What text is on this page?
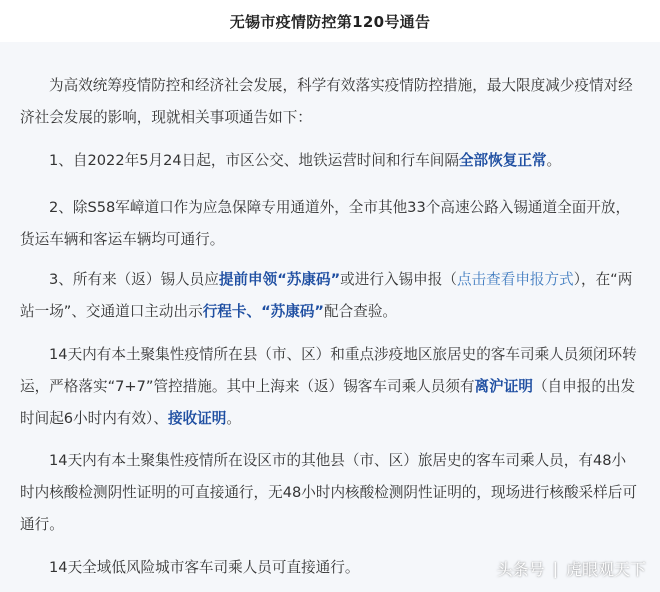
无锡市疫情防控第120号通告

为高效统筹疫情防控和经济社会发展，科学有效落实疫情防控措施，最大限度减少疫情对经济社会发展的影响，现就相关事项通告如下：

1、自2022年5月24日起，市区公交、地铁运营时间和行车间隔全部恢复正常。

2、除S58军嶂道口作为应急保障专用通道外，全市其他33个高速公路入锡通道全面开放，货运车辆和客运车辆均可通行。

3、所有来（返）锡人员应提前申领“苏康码”或进行入锡申报（点击查看申报方式），在“两站一场”、交通道口主动出示行程卡、“苏康码”配合查验。

14天内有本土聚集性疫情所在县（市、区）和重点涉疫地区旅居史的客车司乘人员须闭环转运，严格落实“7+7”管控措施。其中上海来（返）锡客车司乘人员须有离沪证明（自申报的出发时间起6小时内有效）、接收证明。

14天内有本土聚集性疫情所在设区市的其他县（市、区）旅居史的客车司乘人员，有48小时内核酸检测阴性证明的可直接通行，无48小时内核酸检测阴性证明的，现场进行核酸采样后可通行。

14天全域低风险城市客车司乘人员可直接通行。	头条号 | 虎眼观天下
